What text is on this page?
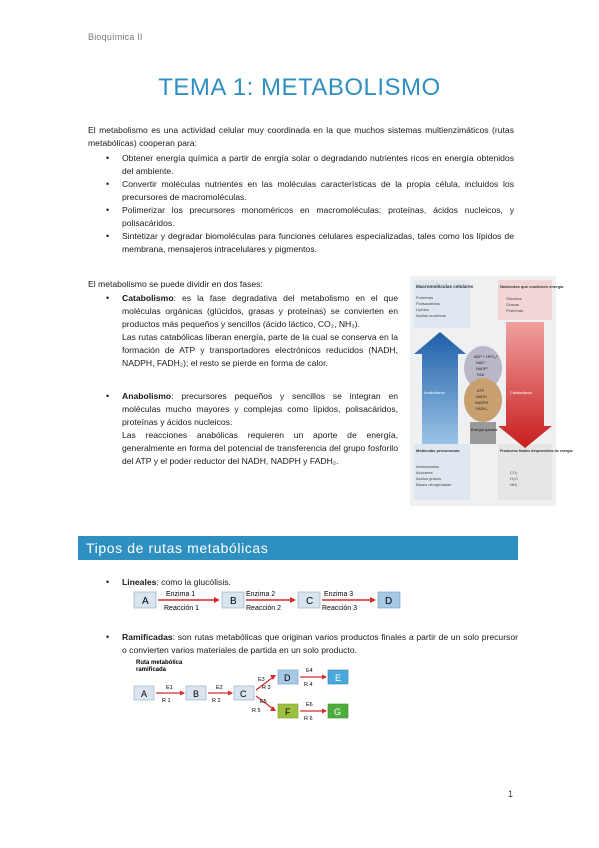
Bioquímica II
TEMA 1: METABOLISMO
El metabolismo es una actividad celular muy coordinada en la que muchos sistemas multienzimáticos (rutas metabólicas) cooperan para:
• Obtener energía química a partir de enrgía solar o degradando nutrientes ricos en energía obtenidos del ambiente.
• Convertir moléculas nutrientes en las moléculas características de la propia célula, incluidos los precursores de macromoléculas.
• Polimerizar los precursores monoméricos en macromoléculas: proteínas, ácidos nucleicos, y polisacáridos.
• Sintetizar y degradar biomoléculas para funciones celulares especializadas, tales como los lípidos de membrana, mensajeros intracelulares y pigmentos.
El metabolismo se puede dividir en dos fases:

• Catabolismo: es la fase degradativa del metabolismo en el que moléculas orgánicas (glúcidos, grasas y proteínas) se convierten en productos más pequeños y sencillos (ácido láctico, CO₂, NH₃).

Las rutas catabólicas liberan energía, parte de la cual se conserva en la formación de ATP y transportadores electrónicos reducidos (NADH, NADPH, FADH₂); el resto se pierde en forma de calor.

• Anabolismo: precursores pequeños y sencillos se integran en moléculas mucho mayores y complejas como lípidos, polisacáridos, proteínas y ácidos nucleicos.

Las reacciones anabólicas requieren un aporte de energía, generalmente en forma del potencial de transferencia del grupo fosforilo del ATP y el poder reductor del NADH, NADPH y FADH₂.

Macromoléculas celulares
Proteínas
Polisacáridos
Lípidos
Ácidos nucleicos
Nutrientes que contienen energía
Glúcidos
Grasas
Proteínas
ADP + HPO₄²⁻
NAD⁺
NADP⁺
FAD
ATP
NADH
NADPH
FADH₂
Energía química
Anabolismo	Catabolismo
Moléculas precursoras
Aminoácidos
Azúcares
Ácidos grasos
Bases nitrogenadas
Productos finales desprovistos de energía
CO₂
H₂O
NH₃
Tipos de rutas metabólicas
• Lineales: como la glucólisis.
A
Enzima 1
Reacción 1
B
Enzima 2
Reacción 2
C
Enzima 3
Reacción 3
D
• Ramificadas: son rutas metabólicas que originan varios productos finales a partir de un solo precursor o convierten varios materiales de partida en un solo producto.
Ruta metabólica
ramificada
A
E1
R 1
B
E2
R 2
C
E3
R 3
E5
R 5
D
E4
R 4
E
F
E6
R 6
G
1
